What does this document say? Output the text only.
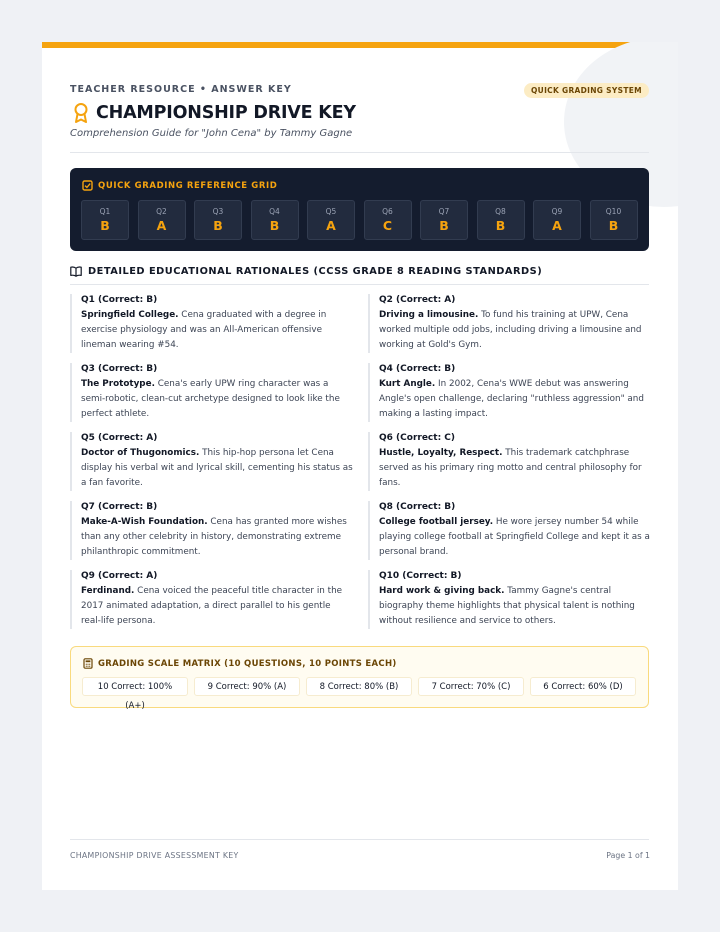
TEACHER RESOURCE • ANSWER KEY	QUICK GRADING SYSTEM
CHAMPIONSHIP DRIVE KEY
Comprehension Guide for "John Cena" by Tammy Gagne
QUICK GRADING REFERENCE GRID
Q1
B
Q2
A
Q3
B
Q4
B
Q5
A
Q6
C
Q7
B
Q8
B
Q9
A
Q10
B
DETAILED EDUCATIONAL RATIONALES (CCSS GRADE 8 READING STANDARDS)
Q1 (Correct: B)
Springfield College. Cena graduated with a degree in exercise physiology and was an All-American offensive lineman wearing #54.
Q2 (Correct: A)
Driving a limousine. To fund his training at UPW, Cena worked multiple odd jobs, including driving a limousine and working at Gold's Gym.
Q3 (Correct: B)
The Prototype. Cena's early UPW ring character was a semi-robotic, clean-cut archetype designed to look like the perfect athlete.
Q4 (Correct: B)
Kurt Angle. In 2002, Cena's WWE debut was answering Angle's open challenge, declaring "ruthless aggression" and making a lasting impact.
Q5 (Correct: A)
Doctor of Thugonomics. This hip-hop persona let Cena display his verbal wit and lyrical skill, cementing his status as a fan favorite.
Q6 (Correct: C)
Hustle, Loyalty, Respect. This trademark catchphrase served as his primary ring motto and central philosophy for fans.
Q7 (Correct: B)
Make-A-Wish Foundation. Cena has granted more wishes than any other celebrity in history, demonstrating extreme philanthropic commitment.
Q8 (Correct: B)
College football jersey. He wore jersey number 54 while playing college football at Springfield College and kept it as a personal brand.
Q9 (Correct: A)
Ferdinand. Cena voiced the peaceful title character in the 2017 animated adaptation, a direct parallel to his gentle real-life persona.
Q10 (Correct: B)
Hard work & giving back. Tammy Gagne's central biography theme highlights that physical talent is nothing without resilience and service to others.
GRADING SCALE MATRIX (10 QUESTIONS, 10 POINTS EACH)
10 Correct: 100% (A+)
9 Correct: 90% (A)	8 Correct: 80% (B)	7 Correct: 70% (C)	6 Correct: 60% (D)
CHAMPIONSHIP DRIVE ASSESSMENT KEY	Page 1 of 1
